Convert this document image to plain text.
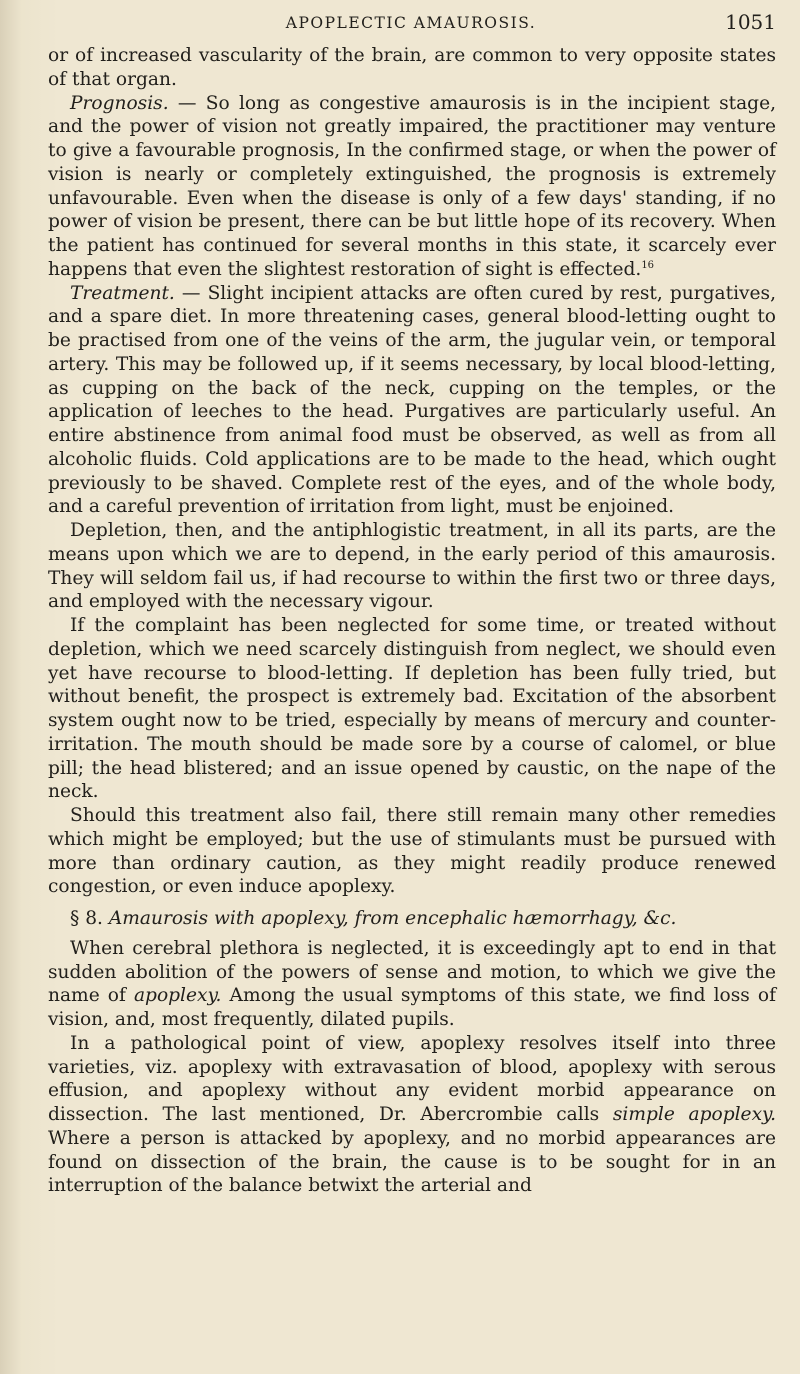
APOPLECTIC AMAUROSIS.	1051

or of increased vascularity of the brain, are common to very opposite states of that organ.

Prognosis. — So long as congestive amaurosis is in the incipient stage, and the power of vision not greatly impaired, the practitioner may venture to give a favourable prognosis, In the confirmed stage, or when the power of vision is nearly or completely extinguished, the prognosis is extremely unfavourable. Even when the disease is only of a few days' standing, if no power of vision be present, there can be but little hope of its recovery. When the patient has continued for several months in this state, it scarcely ever happens that even the slightest restoration of sight is effected.$^{16}$

Treatment. — Slight incipient attacks are often cured by rest, purgatives, and a spare diet. In more threatening cases, general blood-letting ought to be practised from one of the veins of the arm, the jugular vein, or temporal artery. This may be followed up, if it seems necessary, by local blood-letting, as cupping on the back of the neck, cupping on the temples, or the application of leeches to the head. Purgatives are particularly useful. An entire abstinence from animal food must be observed, as well as from all alcoholic fluids. Cold applications are to be made to the head, which ought previously to be shaved. Complete rest of the eyes, and of the whole body, and a careful prevention of irritation from light, must be enjoined.

Depletion, then, and the antiphlogistic treatment, in all its parts, are the means upon which we are to depend, in the early period of this amaurosis. They will seldom fail us, if had recourse to within the first two or three days, and employed with the necessary vigour.

If the complaint has been neglected for some time, or treated without depletion, which we need scarcely distinguish from neglect, we should even yet have recourse to blood-letting. If depletion has been fully tried, but without benefit, the prospect is extremely bad. Excitation of the absorbent system ought now to be tried, especially by means of mercury and counter-irritation. The mouth should be made sore by a course of calomel, or blue pill; the head blistered; and an issue opened by caustic, on the nape of the neck.

Should this treatment also fail, there still remain many other remedies which might be employed; but the use of stimulants must be pursued with more than ordinary caution, as they might readily produce renewed congestion, or even induce apoplexy.

§ 8. Amaurosis with apoplexy, from encephalic hæmorrhagy, &c.

When cerebral plethora is neglected, it is exceedingly apt to end in that sudden abolition of the powers of sense and motion, to which we give the name of apoplexy. Among the usual symptoms of this state, we find loss of vision, and, most frequently, dilated pupils.

In a pathological point of view, apoplexy resolves itself into three varieties, viz. apoplexy with extravasation of blood, apoplexy with serous effusion, and apoplexy without any evident morbid appearance on dissection. The last mentioned, Dr. Abercrombie calls simple apoplexy. Where a person is attacked by apoplexy, and no morbid appearances are found on dissection of the brain, the cause is to be sought for in an interruption of the balance betwixt the arterial and
